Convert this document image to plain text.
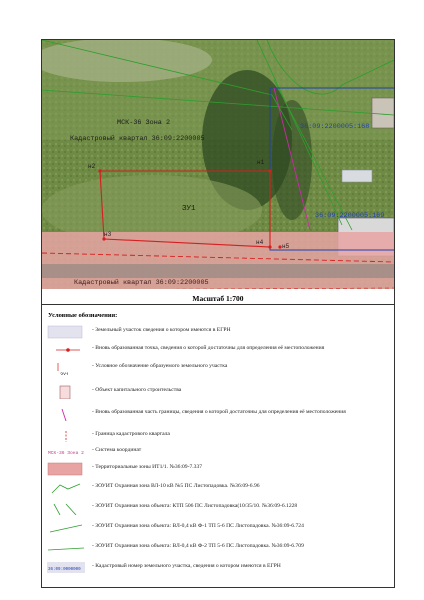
МСК-36 Зона 2
Кадастровый квартал 36:09:2200005
36:09:2200005:168
36:09:2200005:169
ЗУ1
н1
н2
н3
н4
н5
Кадастровый квартал 36:09:2200005
Масштаб 1:700
Условные обозначения:
- Земельный участок сведения о котором имеются в ЕГРН
- Вновь образованная точка, сведения о которой достаточны для определения её местоположения
ЗУ1
- Условное обозначение образуемого земельного участка
- Объект капитального строительства
- Вновь образованная часть границы, сведения о которой достаточны для определения её местоположения
- Граница кадастрового квартала
МСК-36 Зона 2
- Система координат
- Территориальные зоны ИТ1/1. №36:09-7.337
- ЗОУИТ Охранная зона ВЛ-10 кВ №5 ПС Листопадовка. №36:09-6.96
- ЗОУИТ Охранная зона объекта: КТП 506 ПС Листопадовка(10/35/10. №36:09-6.1228
- ЗОУИТ Охранная зона объекта: ВЛ-0,4 кВ Ф-1 ТП 5-6 ПС Листопадовка. №36:09-6.724
- ЗОУИТ Охранная зона объекта: ВЛ-0,4 кВ Ф-2 ТП 5-6 ПС Листопадовка. №36:09-6.709
36:09:0000000
- Кадастровый номер земельного участка, сведения о котором имеются в ЕГРН
